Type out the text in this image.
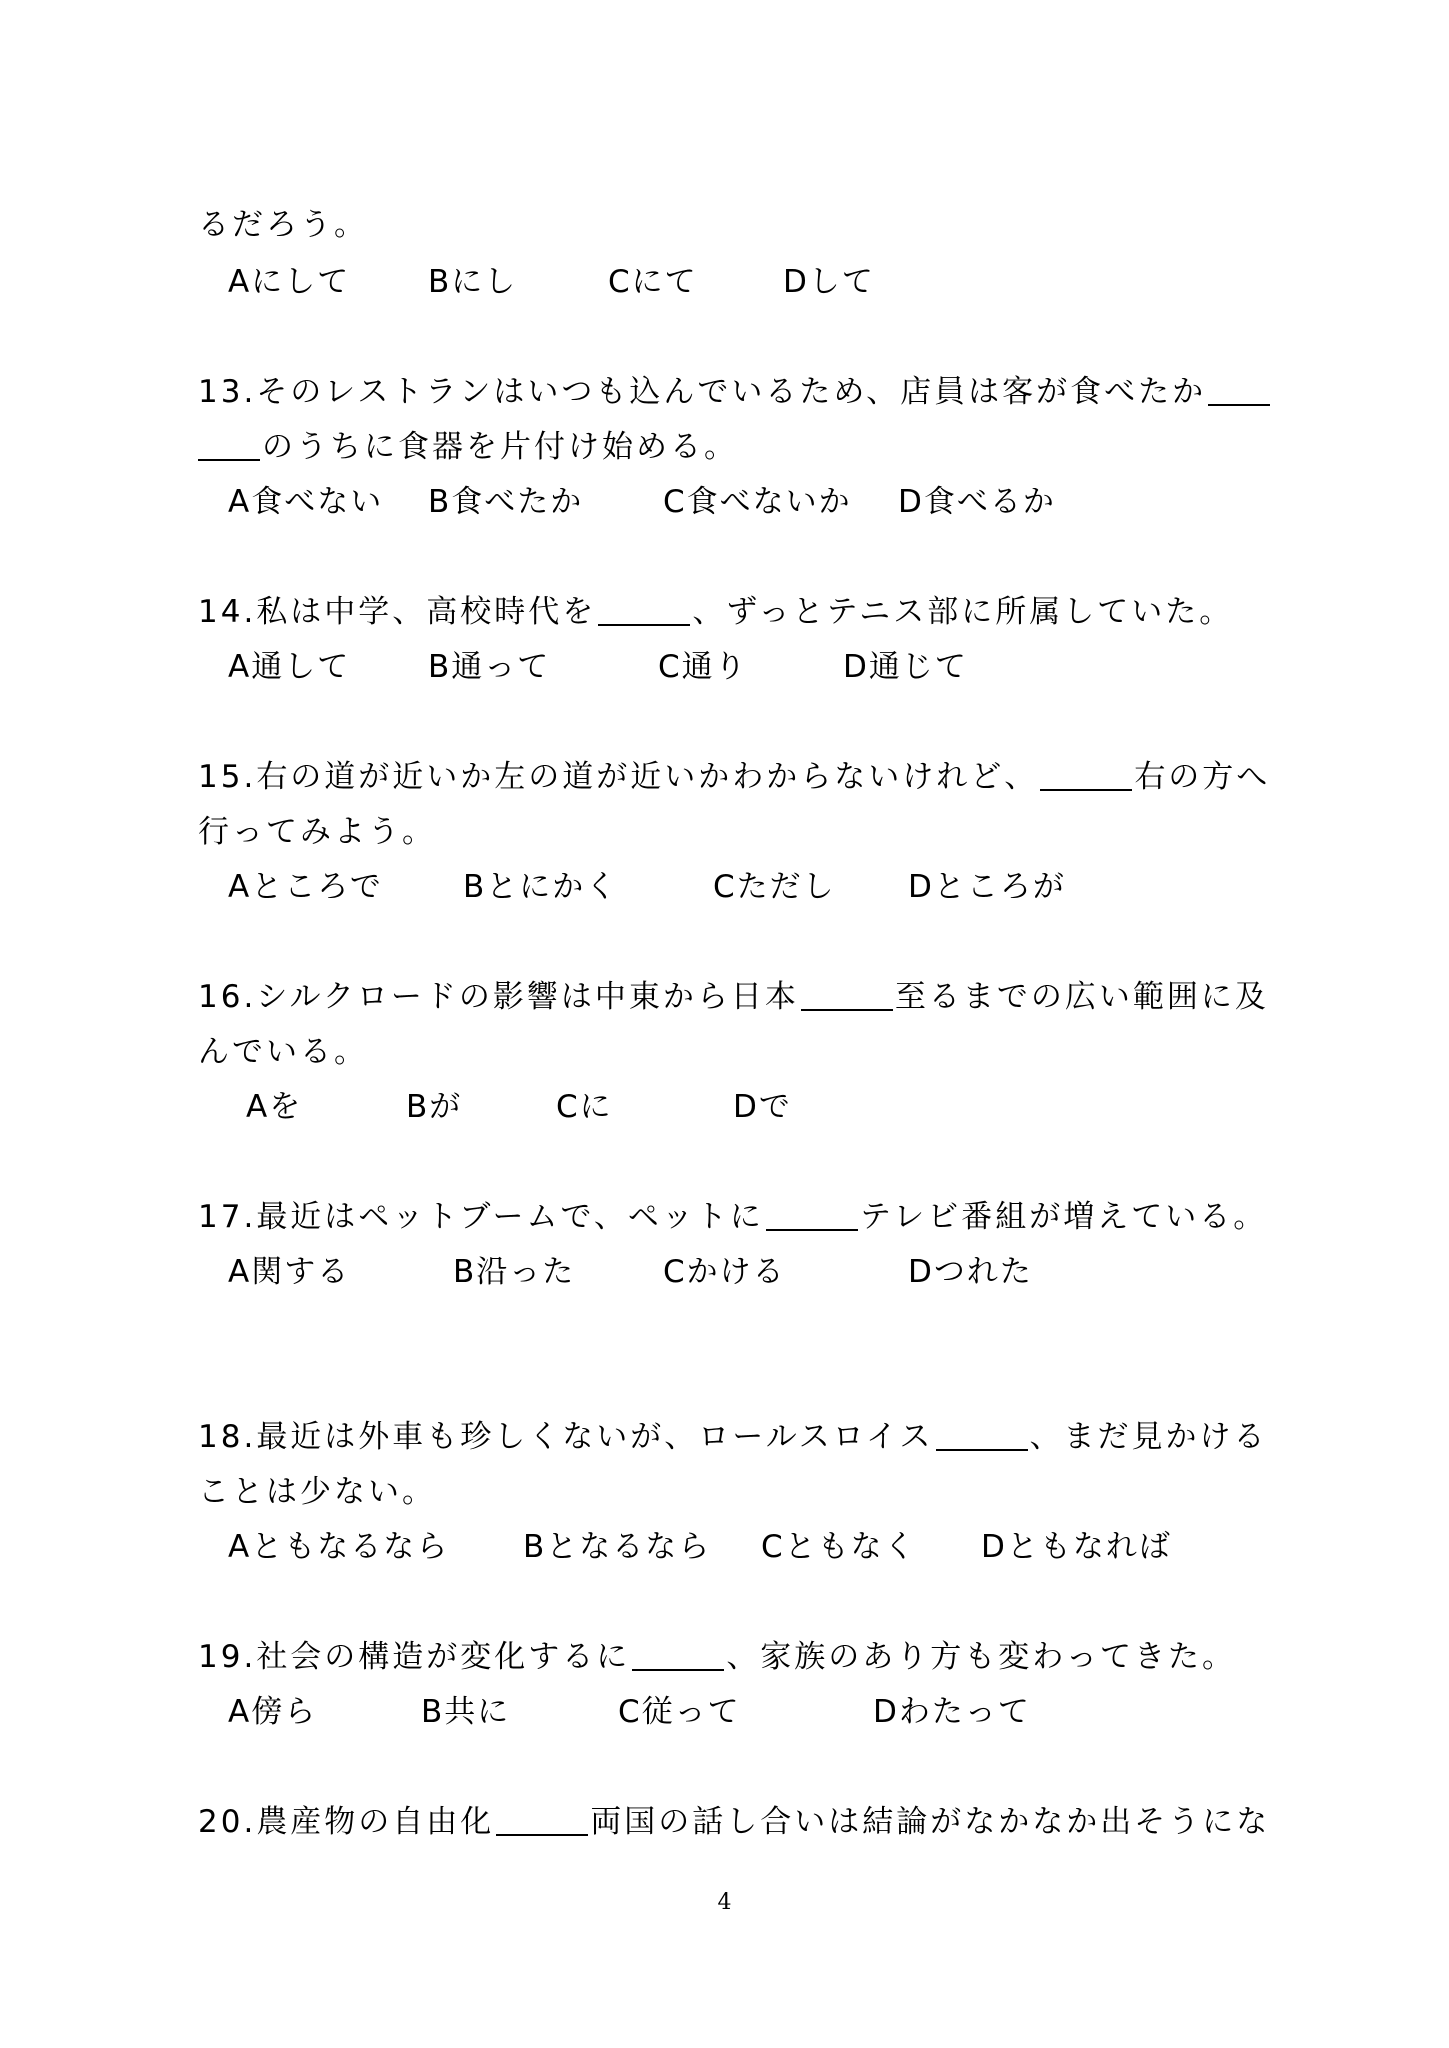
るだろう。
Aにして	Bにし	Cにて	Dして
13.そのレストランはいつも込んでいるため、店員は客が食べたか
のうちに食器を片付け始める。
A食べない B食べたか	C食べないか D食べるか
14.私は中学、高校時代を	、ずっとテニス部に所属していた。
A通して	B通って	C通り	D通じて
15.右の道が近いか左の道が近いかわからないけれど、	右の方へ
行ってみよう。
Aところで	Bとにかく	Cただし Dところが
16.シルクロードの影響は中東から日本	至るまでの広い範囲に及
んでいる。
Aを	Bが	Cに	Dで
17.最近はペットブームで、ペットに	テレビ番組が増えている。
A関する	B沿った	Cかける	Dつれた
18.最近は外車も珍しくないが、ロールスロイス	、まだ見かける
ことは少ない。
Aともなるなら Bとなるなら Cともなく Dともなれば
19.社会の構造が変化するに	、家族のあり方も変わってきた。
A傍ら	B共に	C従って	Dわたって
20.農産物の自由化	両国の話し合いは結論がなかなか出そうにな
4
